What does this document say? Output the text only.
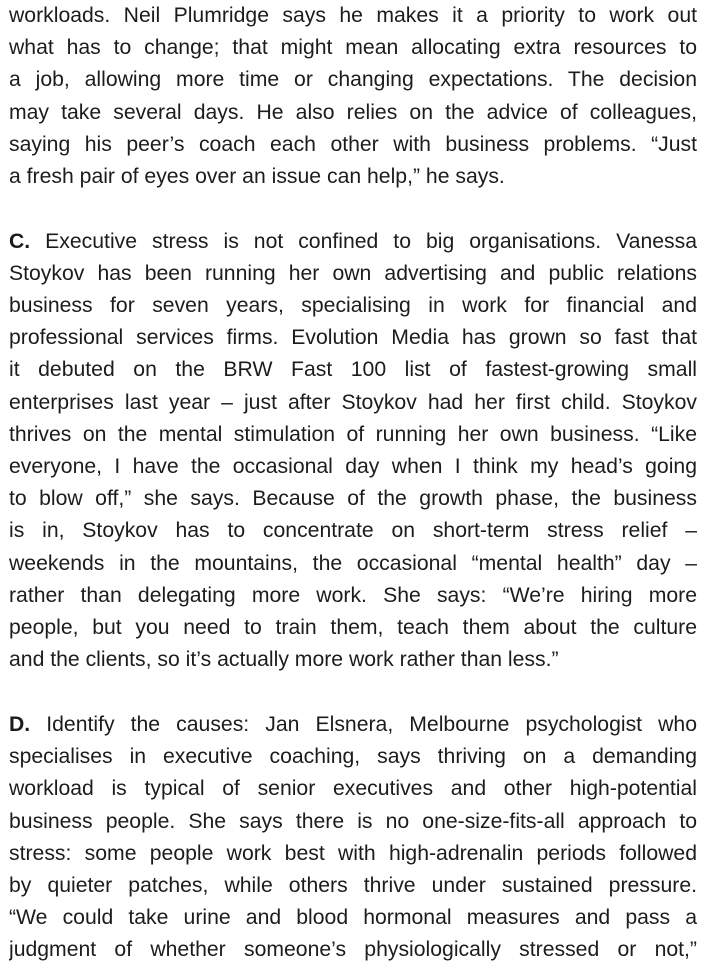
workloads. Neil Plumridge says he makes it a priority to work out
what has to change; that might mean allocating extra resources to
a job, allowing more time or changing expectations. The decision
may take several days. He also relies on the advice of colleagues,
saying his peer’s coach each other with business problems. “Just
a fresh pair of eyes over an issue can help,” he says.
C. Executive stress is not confined to big organisations. Vanessa
Stoykov has been running her own advertising and public relations
business for seven years, specialising in work for financial and
professional services firms. Evolution Media has grown so fast that
it debuted on the BRW Fast 100 list of fastest-growing small
enterprises last year – just after Stoykov had her first child. Stoykov
thrives on the mental stimulation of running her own business. “Like
everyone, I have the occasional day when I think my head’s going
to blow off,” she says. Because of the growth phase, the business
is in, Stoykov has to concentrate on short-term stress relief –
weekends in the mountains, the occasional “mental health” day –
rather than delegating more work. She says: “We’re hiring more
people, but you need to train them, teach them about the culture
and the clients, so it’s actually more work rather than less.”
D. Identify the causes: Jan Elsnera, Melbourne psychologist who
specialises in executive coaching, says thriving on a demanding
workload is typical of senior executives and other high-potential
business people. She says there is no one-size-fits-all approach to
stress: some people work best with high-adrenalin periods followed
by quieter patches, while others thrive under sustained pressure.
“We could take urine and blood hormonal measures and pass a
judgment of whether someone’s physiologically stressed or not,”
